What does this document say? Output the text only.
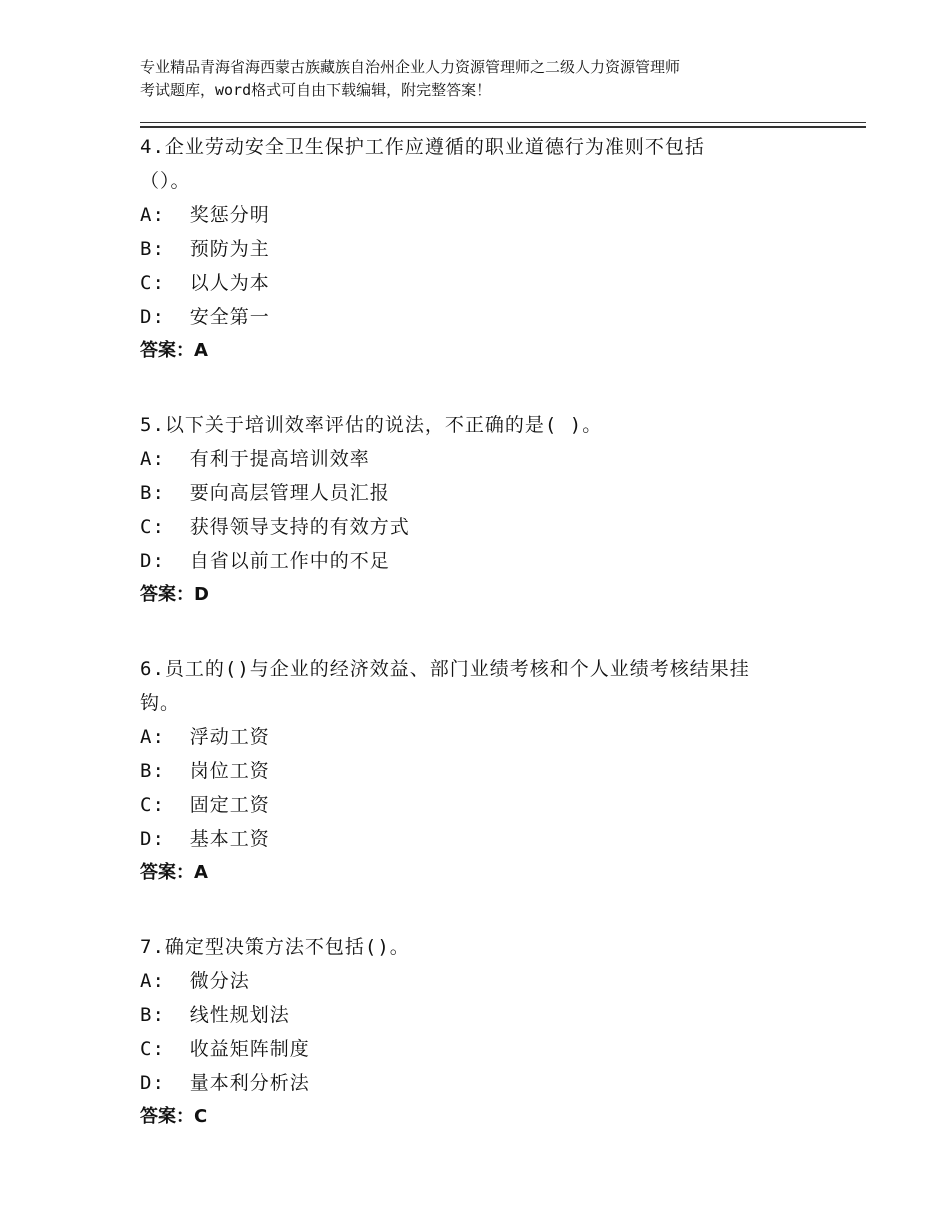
专业精品青海省海西蒙古族藏族自治州企业人力资源管理师之二级人力资源管理师
考试题库，word格式可自由下载编辑，附完整答案！
4.企业劳动安全卫生保护工作应遵循的职业道德行为准则不包括
（）。
A:  奖惩分明
B:  预防为主
C:  以人为本
D:  安全第一
答案：A
5.以下关于培训效率评估的说法，不正确的是( )。
A:  有利于提高培训效率
B:  要向高层管理人员汇报
C:  获得领导支持的有效方式
D:  自省以前工作中的不足
答案：D
6.员工的()与企业的经济效益、部门业绩考核和个人业绩考核结果挂
钩。
A:  浮动工资
B:  岗位工资
C:  固定工资
D:  基本工资
答案：A
7.确定型决策方法不包括()。
A:  微分法
B:  线性规划法
C:  收益矩阵制度
D:  量本利分析法
答案：C
